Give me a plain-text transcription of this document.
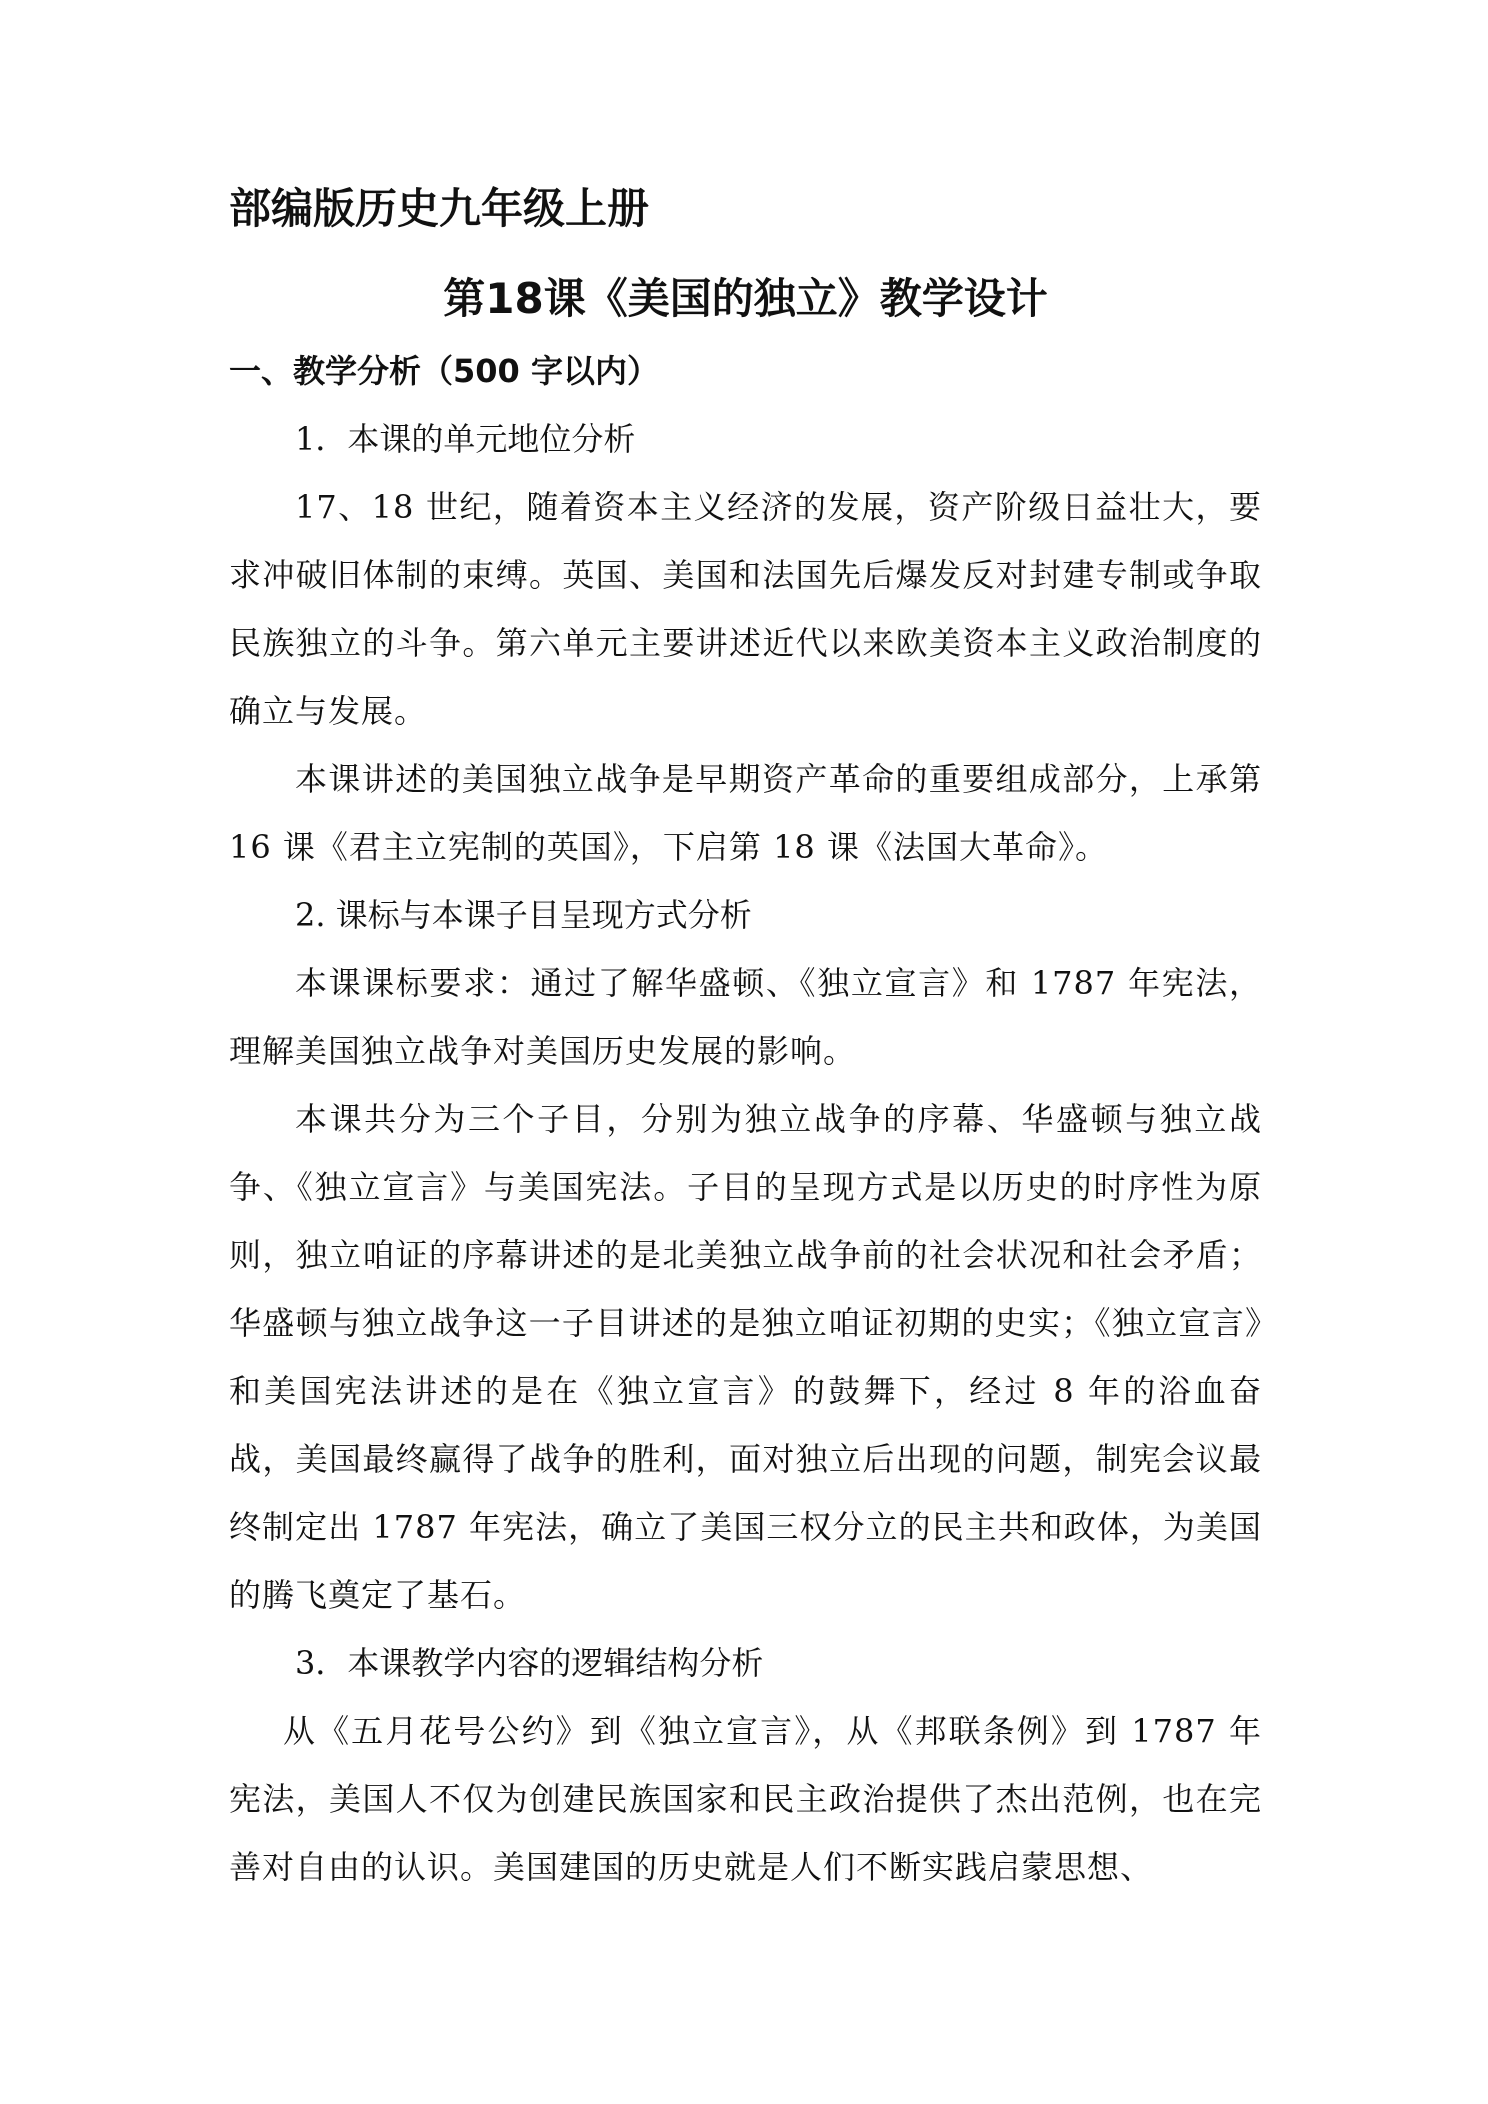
部编版历史九年级上册
第18课《美国的独立》教学设计
一、教学分析（500 字以内）
1．本课的单元地位分析

17、18 世纪，随着资本主义经济的发展，资产阶级日益壮大，要求冲破旧体制的束缚。英国、美国和法国先后爆发反对封建专制或争取民族独立的斗争。第六单元主要讲述近代以来欧美资本主义政治制度的确立与发展。

本课讲述的美国独立战争是早期资产革命的重要组成部分，上承第 16 课《君主立宪制的英国》，下启第 18 课《法国大革命》。

2. 课标与本课子目呈现方式分析

本课课标要求：通过了解华盛顿、《独立宣言》和 1787 年宪法，理解美国独立战争对美国历史发展的影响。

本课共分为三个子目，分别为独立战争的序幕、华盛顿与独立战争、《独立宣言》与美国宪法。子目的呈现方式是以历史的时序性为原则，独立咱证的序幕讲述的是北美独立战争前的社会状况和社会矛盾；华盛顿与独立战争这一子目讲述的是独立咱证初期的史实；《独立宣言》和美国宪法讲述的是在《独立宣言》的鼓舞下，经过 8 年的浴血奋战，美国最终赢得了战争的胜利，面对独立后出现的问题，制宪会议最终制定出 1787 年宪法，确立了美国三权分立的民主共和政体，为美国的腾飞奠定了基石。

3．本课教学内容的逻辑结构分析

从《五月花号公约》到《独立宣言》，从《邦联条例》到 1787 年宪法，美国人不仅为创建民族国家和民主政治提供了杰出范例，也在完善对自由的认识。美国建国的历史就是人们不断实践启蒙思想、
